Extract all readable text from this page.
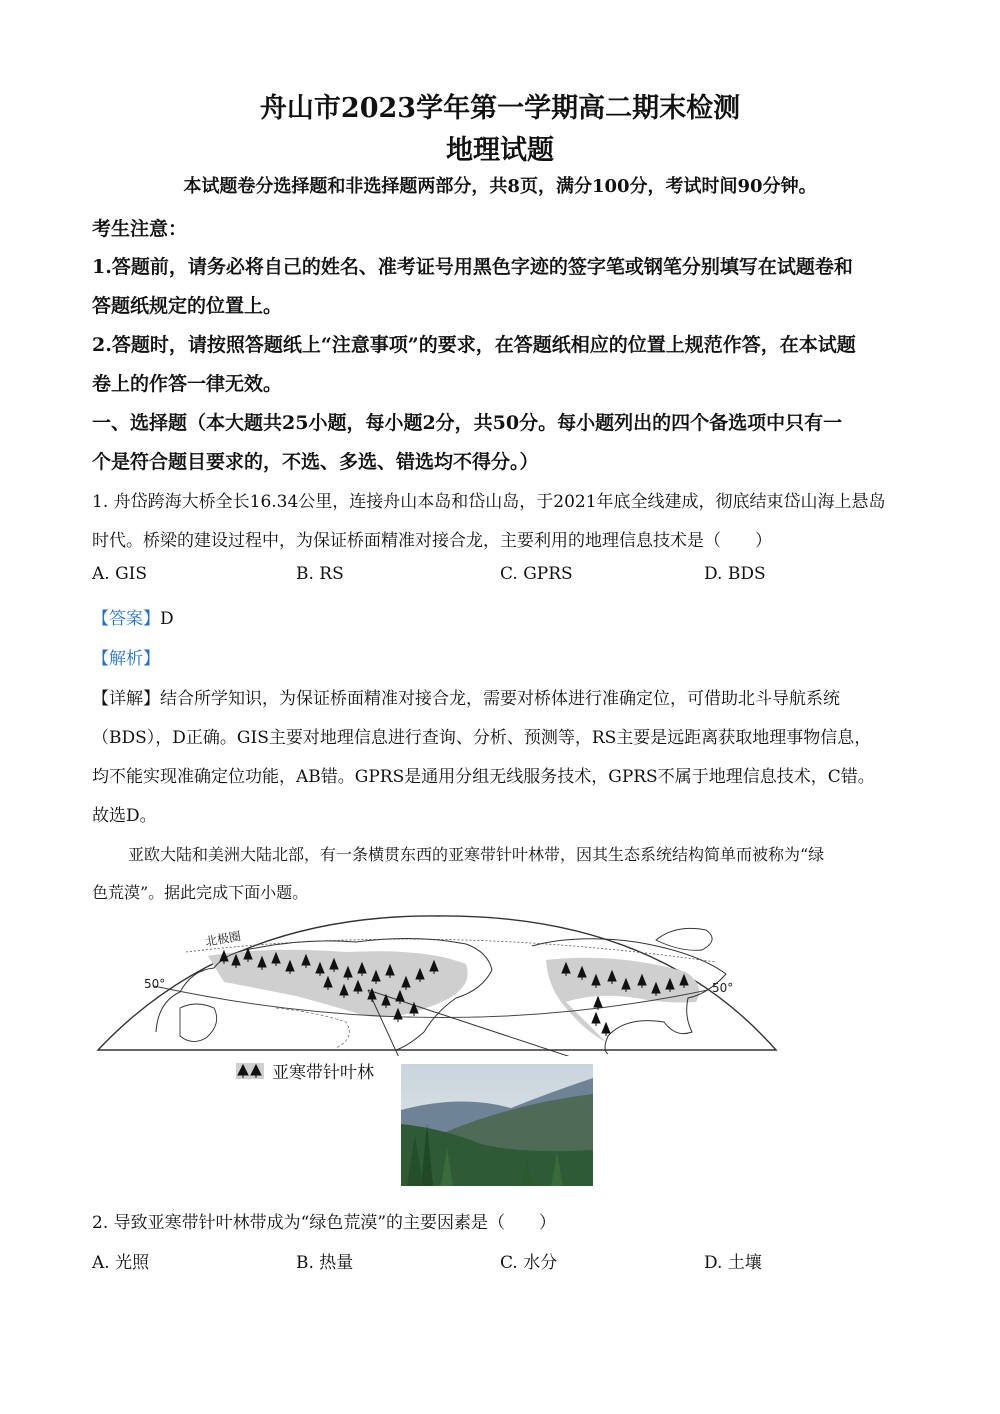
舟山市2023学年第一学期高二期末检测
地理试题
本试题卷分选择题和非选择题两部分，共8页，满分100分，考试时间90分钟。
考生注意：
1.答题前，请务必将自己的姓名、准考证号用黑色字迹的签字笔或钢笔分别填写在试题卷和
答题纸规定的位置上。
2.答题时，请按照答题纸上“注意事项”的要求，在答题纸相应的位置上规范作答，在本试题
卷上的作答一律无效。
一、选择题（本大题共25小题，每小题2分，共50分。每小题列出的四个备选项中只有一
个是符合题目要求的，不选、多选、错选均不得分。）
1. 舟岱跨海大桥全长16.34公里，连接舟山本岛和岱山岛，于2021年底全线建成，彻底结束岱山海上悬岛
时代。桥梁的建设过程中，为保证桥面精准对接合龙，主要利用的地理信息技术是（　　）
A. GIS	B. RS	C. GPRS	D. BDS
【答案】D
【解析】
【详解】结合所学知识，为保证桥面精准对接合龙，需要对桥体进行准确定位，可借助北斗导航系统
（BDS），D正确。GIS主要对地理信息进行查询、分析、预测等，RS主要是远距离获取地理事物信息，
均不能实现准确定位功能，AB错。GPRS是通用分组无线服务技术，GPRS不属于地理信息技术，C错。
故选D。
亚欧大陆和美洲大陆北部，有一条横贯东西的亚寒带针叶林带，因其生态系统结构简单而被称为“绿
色荒漠”。据此完成下面小题。
北极圈
50°	50°
亚寒带针叶林
2. 导致亚寒带针叶林带成为“绿色荒漠”的主要因素是（　　）
A. 光照	B. 热量	C. 水分	D. 土壤
